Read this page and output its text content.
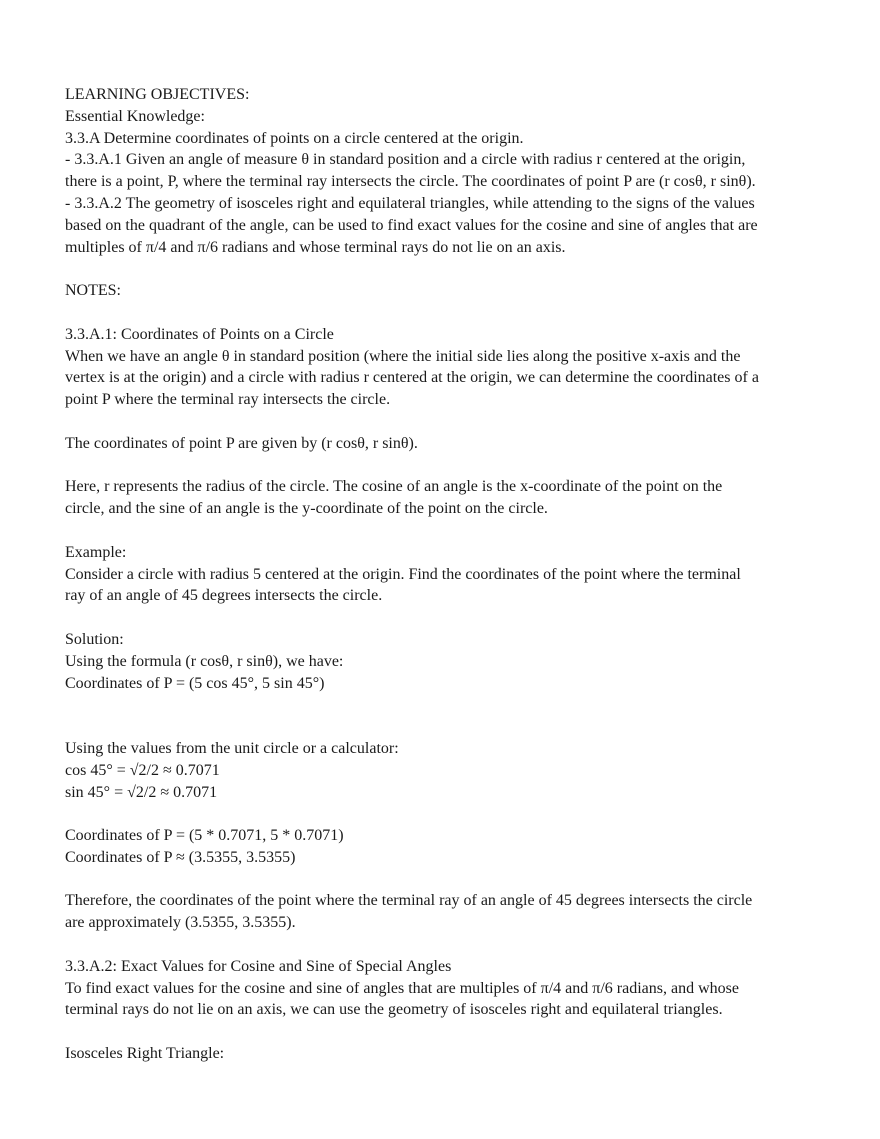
LEARNING OBJECTIVES:
Essential Knowledge:
3.3.A Determine coordinates of points on a circle centered at the origin.
- 3.3.A.1 Given an angle of measure θ in standard position and a circle with radius r centered at the origin,
there is a point, P, where the terminal ray intersects the circle. The coordinates of point P are (r cosθ, r sinθ).
- 3.3.A.2 The geometry of isosceles right and equilateral triangles, while attending to the signs of the values
based on the quadrant of the angle, can be used to find exact values for the cosine and sine of angles that are
multiples of π/4 and π/6 radians and whose terminal rays do not lie on an axis.
NOTES:
3.3.A.1: Coordinates of Points on a Circle
When we have an angle θ in standard position (where the initial side lies along the positive x-axis and the
vertex is at the origin) and a circle with radius r centered at the origin, we can determine the coordinates of a
point P where the terminal ray intersects the circle.
The coordinates of point P are given by (r cosθ, r sinθ).
Here, r represents the radius of the circle. The cosine of an angle is the x-coordinate of the point on the
circle, and the sine of an angle is the y-coordinate of the point on the circle.
Example:
Consider a circle with radius 5 centered at the origin. Find the coordinates of the point where the terminal
ray of an angle of 45 degrees intersects the circle.
Solution:
Using the formula (r cosθ, r sinθ), we have:
Coordinates of P = (5 cos 45°, 5 sin 45°)
Using the values from the unit circle or a calculator:
cos 45° = √2/2 ≈ 0.7071
sin 45° = √2/2 ≈ 0.7071
Coordinates of P = (5 * 0.7071, 5 * 0.7071)
Coordinates of P ≈ (3.5355, 3.5355)
Therefore, the coordinates of the point where the terminal ray of an angle of 45 degrees intersects the circle
are approximately (3.5355, 3.5355).
3.3.A.2: Exact Values for Cosine and Sine of Special Angles
To find exact values for the cosine and sine of angles that are multiples of π/4 and π/6 radians, and whose
terminal rays do not lie on an axis, we can use the geometry of isosceles right and equilateral triangles.
Isosceles Right Triangle:
